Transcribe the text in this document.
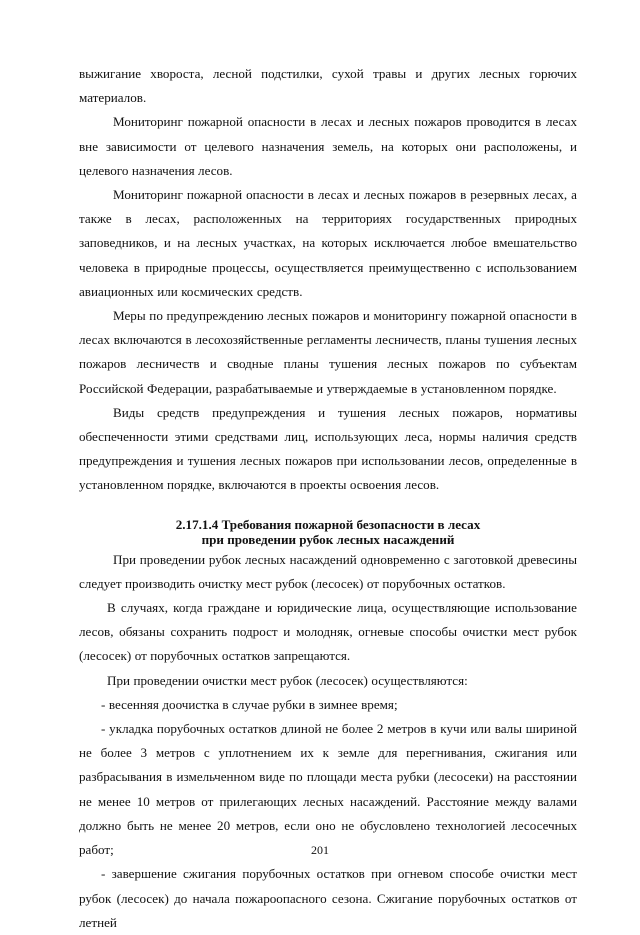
выжигание хвороста, лесной подстилки, сухой травы и других лесных горючих материалов.

Мониторинг пожарной опасности в лесах и лесных пожаров проводится в лесах вне зависимости от целевого назначения земель, на которых они расположены, и целевого назначения лесов.

Мониторинг пожарной опасности в лесах и лесных пожаров в резервных лесах, а также в лесах, расположенных на территориях государственных природных заповедников, и на лесных участках, на которых исключается любое вмешательство человека в природные процессы, осуществляется преимущественно с использованием авиационных или космических средств.

Меры по предупреждению лесных пожаров и мониторингу пожарной опасности в лесах включаются в лесохозяйственные регламенты лесничеств, планы тушения лесных пожаров лесничеств и сводные планы тушения лесных пожаров по субъектам Российской Федерации, разрабатываемые и утверждаемые в установленном порядке.

Виды средств предупреждения и тушения лесных пожаров, нормативы обеспеченности этими средствами лиц, использующих леса, нормы наличия средств предупреждения и тушения лесных пожаров при использовании лесов, определенные в установленном порядке, включаются в проекты освоения лесов.

2.17.1.4 Требования пожарной безопасности в лесах
при проведении рубок лесных насаждений

При проведении рубок лесных насаждений одновременно с заготовкой древесины следует производить очистку мест рубок (лесосек) от порубочных остатков.

В случаях, когда граждане и юридические лица, осуществляющие использование лесов, обязаны сохранить подрост и молодняк, огневые способы очистки мест рубок (лесосек) от порубочных остатков запрещаются.

При проведении очистки мест рубок (лесосек) осуществляются:

- весенняя доочистка в случае рубки в зимнее время;

- укладка порубочных остатков длиной не более 2 метров в кучи или валы шириной не более 3 метров с уплотнением их к земле для перегнивания, сжигания или разбрасывания в измельченном виде по площади места рубки (лесосеки) на расстоянии не менее 10 метров от прилегающих лесных насаждений. Расстояние между валами должно быть не менее 20 метров, если оно не обусловлено технологией лесосечных работ;

- завершение сжигания порубочных остатков при огневом способе очистки мест рубок (лесосек) до начала пожароопасного сезона. Сжигание порубочных остатков от летней

201
